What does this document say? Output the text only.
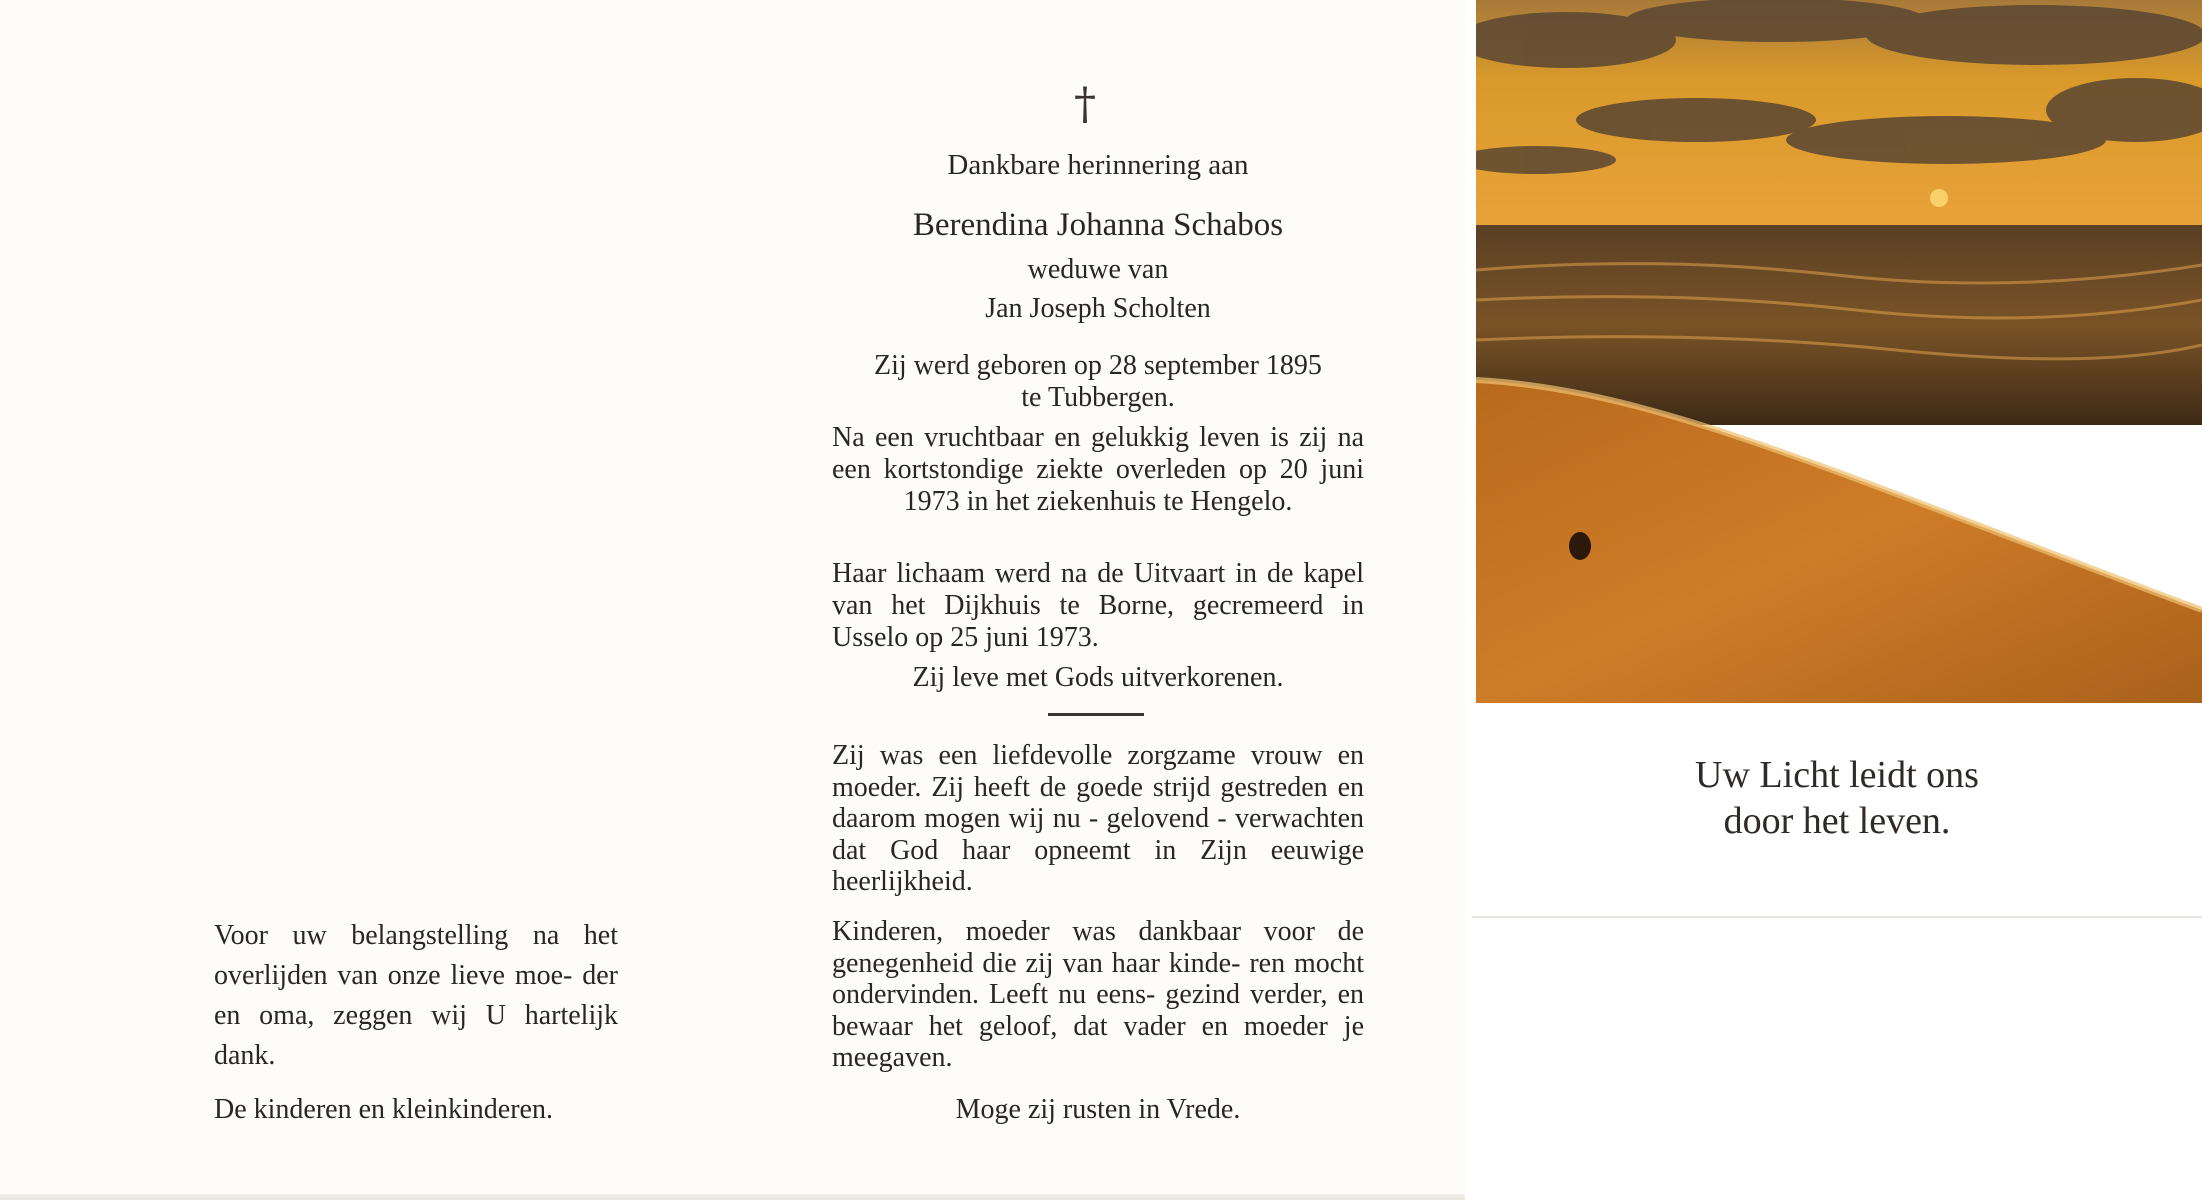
Voor uw belangstelling na het overlijden van onze lieve moe- der en oma, zeggen wij U hartelijk dank.
De kinderen en kleinkinderen.
†
Dankbare herinnering aan
Berendina Johanna Schabos
weduwe van
Jan Joseph Scholten
Zij werd geboren op 28 september 1895
te Tubbergen.
Na een vruchtbaar en gelukkig leven is zij na een kortstondige ziekte overleden op 20 juni 1973 in het ziekenhuis te Hengelo.
Haar lichaam werd na de Uitvaart in de kapel van het Dijkhuis te Borne, gecremeerd in Usselo op 25 juni 1973.
Zij leve met Gods uitverkorenen.
Zij was een liefdevolle zorgzame vrouw en moeder. Zij heeft de goede strijd gestreden en daarom mogen wij nu - gelovend - verwachten dat God haar opneemt in Zijn eeuwige heerlijkheid.
Kinderen, moeder was dankbaar voor de genegenheid die zij van haar kinde- ren mocht ondervinden. Leeft nu eens- gezind verder, en bewaar het geloof, dat vader en moeder je meegaven.
Moge zij rusten in Vrede.
Uw Licht leidt ons
door het leven.
